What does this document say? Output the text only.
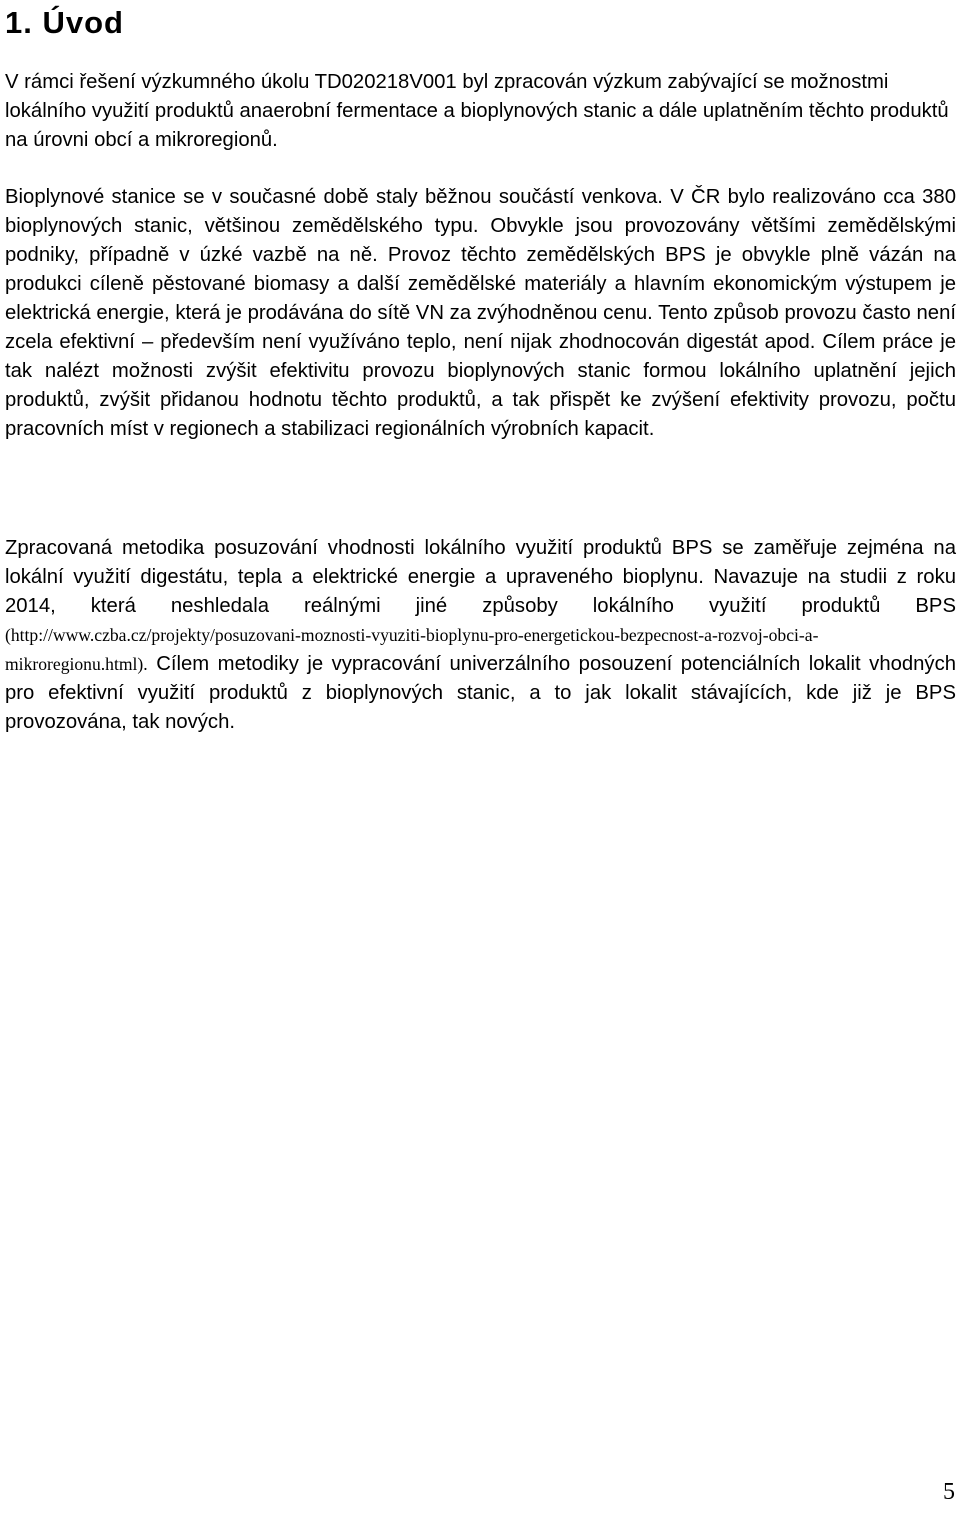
1. Úvod

V rámci řešení výzkumného úkolu TD020218V001 byl zpracován výzkum zabývající se možnostmi lokálního využití produktů anaerobní fermentace a bioplynových stanic a dále uplatněním těchto produktů na úrovni obcí a mikroregionů.

Bioplynové stanice se v současné době staly běžnou součástí venkova. V ČR bylo realizováno cca 380 bioplynových stanic, většinou zemědělského typu. Obvykle jsou provozovány většími zemědělskými podniky, případně v úzké vazbě na ně. Provoz těchto zemědělských BPS je obvykle plně vázán na produkci cíleně pěstované biomasy a další zemědělské materiály a hlavním ekonomickým výstupem je elektrická energie, která je prodávána do sítě VN za zvýhodněnou cenu. Tento způsob provozu často není zcela efektivní – především není využíváno teplo, není nijak zhodnocován digestát apod. Cílem práce je tak nalézt možnosti zvýšit efektivitu provozu bioplynových stanic formou lokálního uplatnění jejich produktů, zvýšit přidanou hodnotu těchto produktů, a tak přispět ke zvýšení efektivity provozu, počtu pracovních míst v regionech a stabilizaci regionálních výrobních kapacit.

Zpracovaná metodika posuzování vhodnosti lokálního využití produktů BPS se zaměřuje zejména na lokální využití digestátu, tepla a elektrické energie a upraveného bioplynu. Navazuje na studii z roku 2014, která neshledala reálnými jiné způsoby lokálního využití produktů BPS (http://www.czba.cz/projekty/posuzovani-moznosti-vyuziti-bioplynu-pro-energetickou-bezpecnost-a-rozvoj-obci-a-mikroregionu.html). Cílem metodiky je vypracování univerzálního posouzení potenciálních lokalit vhodných pro efektivní využití produktů z bioplynových stanic, a to jak lokalit stávajících, kde již je BPS provozována, tak nových.

5
